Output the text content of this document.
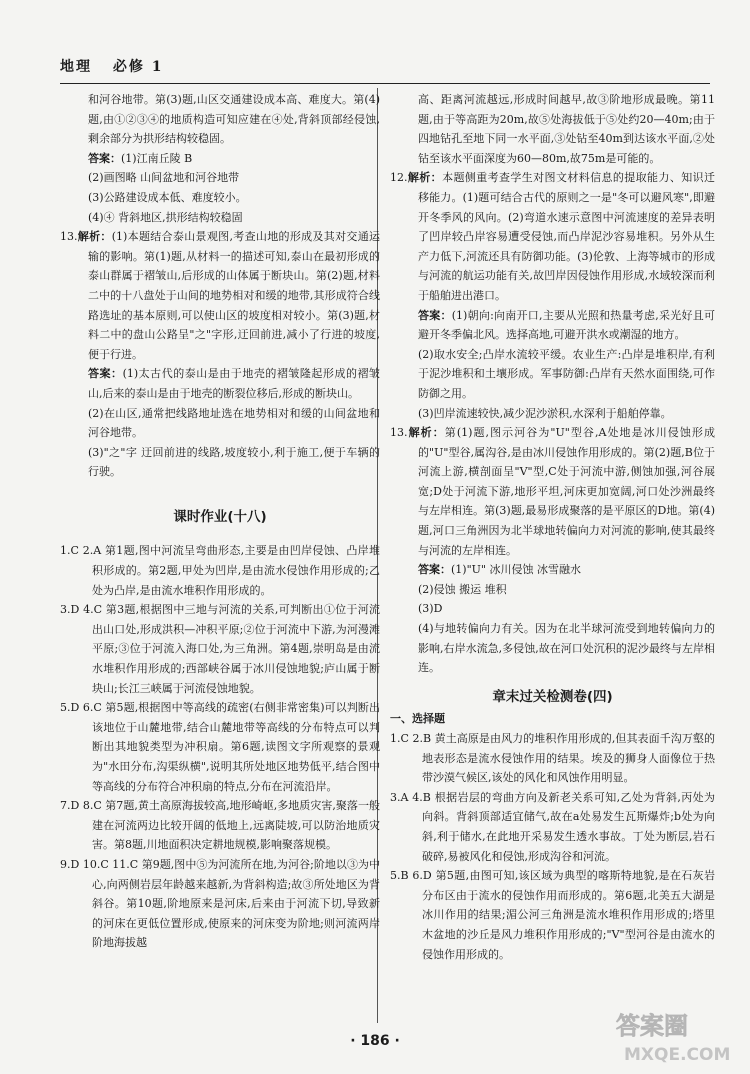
地理 必修 1

和河谷地带。第(3)题,山区交通建设成本高、难度大。第(4)题,由①②③④的地质构造可知应建在④处,背斜顶部经侵蚀,剩余部分为拱形结构较稳固。

答案：(1)江南丘陵 B

(2)画图略 山间盆地和河谷地带

(3)公路建设成本低、难度较小。

(4)④ 背斜地区,拱形结构较稳固

13.解析：(1)本题结合泰山景观图,考查山地的形成及其对交通运输的影响。第(1)题,从材料一的描述可知,泰山在最初形成的泰山群属于褶皱山,后形成的山体属于断块山。第(2)题,材料二中的十八盘处于山间的地势相对和缓的地带,其形成符合线路选址的基本原则,可以使山区的坡度相对较小。第(3)题,材料二中的盘山公路呈"之"字形,迂回前进,减小了行进的坡度,便于行进。

答案：(1)太古代的泰山是由于地壳的褶皱隆起形成的褶皱山,后来的泰山是由于地壳的断裂位移后,形成的断块山。

(2)在山区,通常把线路地址选在地势相对和缓的山间盆地和河谷地带。

(3)"之"字 迂回前进的线路,坡度较小,利于施工,便于车辆的行驶。

课时作业(十八)

1.C 2.A 第1题,图中河流呈弯曲形态,主要是由凹岸侵蚀、凸岸堆积形成的。第2题,甲处为凹岸,是由流水侵蚀作用形成的;乙处为凸岸,是由流水堆积作用形成的。

3.D 4.C 第3题,根据图中三地与河流的关系,可判断出①位于河流出山口处,形成洪积—冲积平原;②位于河流中下游,为河漫滩平原;③位于河流入海口处,为三角洲。第4题,崇明岛是由流水堆积作用形成的;西部峡谷属于冰川侵蚀地貌;庐山属于断块山;长江三峡属于河流侵蚀地貌。

5.D 6.C 第5题,根据图中等高线的疏密(右侧非常密集)可以判断出该地位于山麓地带,结合山麓地带等高线的分布特点可以判断出其地貌类型为冲积扇。第6题,读图文字所观察的景观为"水田分布,沟渠纵横",说明其所处地区地势低平,结合图中等高线的分布符合冲积扇的特点,分布在河流沿岸。

7.D 8.C 第7题,黄土高原海拔较高,地形崎岖,多地质灾害,聚落一般建在河流两边比较开阔的低地上,远离陡坡,可以防治地质灾害。第8题,川地面积决定耕地规模,影响聚落规模。

9.D 10.C 11.C 第9题,图中⑤为河流所在地,为河谷;阶地以③为中心,向两侧岩层年龄越来越新,为背斜构造;故③所处地区为背斜谷。第10题,阶地原来是河床,后来由于河流下切,导致新的河床在更低位置形成,使原来的河床变为阶地;则河流两岸阶地海拔越

高、距离河流越远,形成时间越早,故③阶地形成最晚。第11题,由于等高距为20m,故⑤处海拔低于⑤处约20—40m;由于四地钻孔至地下同一水平面,③处钻至40m到达该水平面,②处钻至该水平面深度为60—80m,故75m是可能的。

12.解析：本题侧重考查学生对图文材料信息的提取能力、知识迁移能力。(1)题可结合古代的原则之一是"冬可以避风寒",即避开冬季风的风向。(2)弯道水速示意图中河流速度的差异表明了凹岸较凸岸容易遭受侵蚀,而凸岸泥沙容易堆积。另外从生产力低下,河流还具有防御功能。(3)伦敦、上海等城市的形成与河流的航运功能有关,故凹岸因侵蚀作用形成,水域较深而利于船舶进出港口。

答案：(1)朝向:向南开口,主要从光照和热量考虑,采光好且可避开冬季偏北风。选择高地,可避开洪水或潮湿的地方。

(2)取水安全;凸岸水流较平缓。农业生产:凸岸是堆积岸,有利于泥沙堆积和土壤形成。军事防御:凸岸有天然水面围绕,可作防御之用。

(3)凹岸流速较快,减少泥沙淤积,水深利于船舶停靠。

13.解析：第(1)题,图示河谷为"U"型谷,A处地是冰川侵蚀形成的"U"型谷,属沟谷,是由冰川侵蚀作用形成的。第(2)题,B位于河流上游,横剖面呈"V"型,C处于河流中游,侧蚀加强,河谷展宽;D处于河流下游,地形平坦,河床更加宽阔,河口处沙洲最终与左岸相连。第(3)题,最易形成聚落的是平原区的D地。第(4)题,河口三角洲因为北半球地转偏向力对河流的影响,使其最终与河流的左岸相连。

答案：(1)"U" 冰川侵蚀 冰雪融水

(2)侵蚀 搬运 堆积

(3)D

(4)与地转偏向力有关。因为在北半球河流受到地转偏向力的影响,右岸水流急,多侵蚀,故在河口处沉积的泥沙最终与左岸相连。

章末过关检测卷(四)

一、选择题

1.C 2.B 黄土高原是由风力的堆积作用形成的,但其表面千沟万壑的地表形态是流水侵蚀作用的结果。埃及的狮身人面像位于热带沙漠气候区,该处的风化和风蚀作用明显。

3.A 4.B 根据岩层的弯曲方向及新老关系可知,乙处为背斜,丙处为向斜。背斜顶部适宜储气,故在a处易发生瓦斯爆炸;b处为向斜,利于储水,在此地开采易发生透水事故。丁处为断层,岩石破碎,易被风化和侵蚀,形成沟谷和河流。

5.B 6.D 第5题,由图可知,该区域为典型的喀斯特地貌,是在石灰岩分布区由于流水的侵蚀作用而形成的。第6题,北美五大湖是冰川作用的结果;湄公河三角洲是流水堆积作用形成的;塔里木盆地的沙丘是风力堆积作用形成的;"V"型河谷是由流水的侵蚀作用形成的。

· 186 ·
答案圈
MXQE.COM
